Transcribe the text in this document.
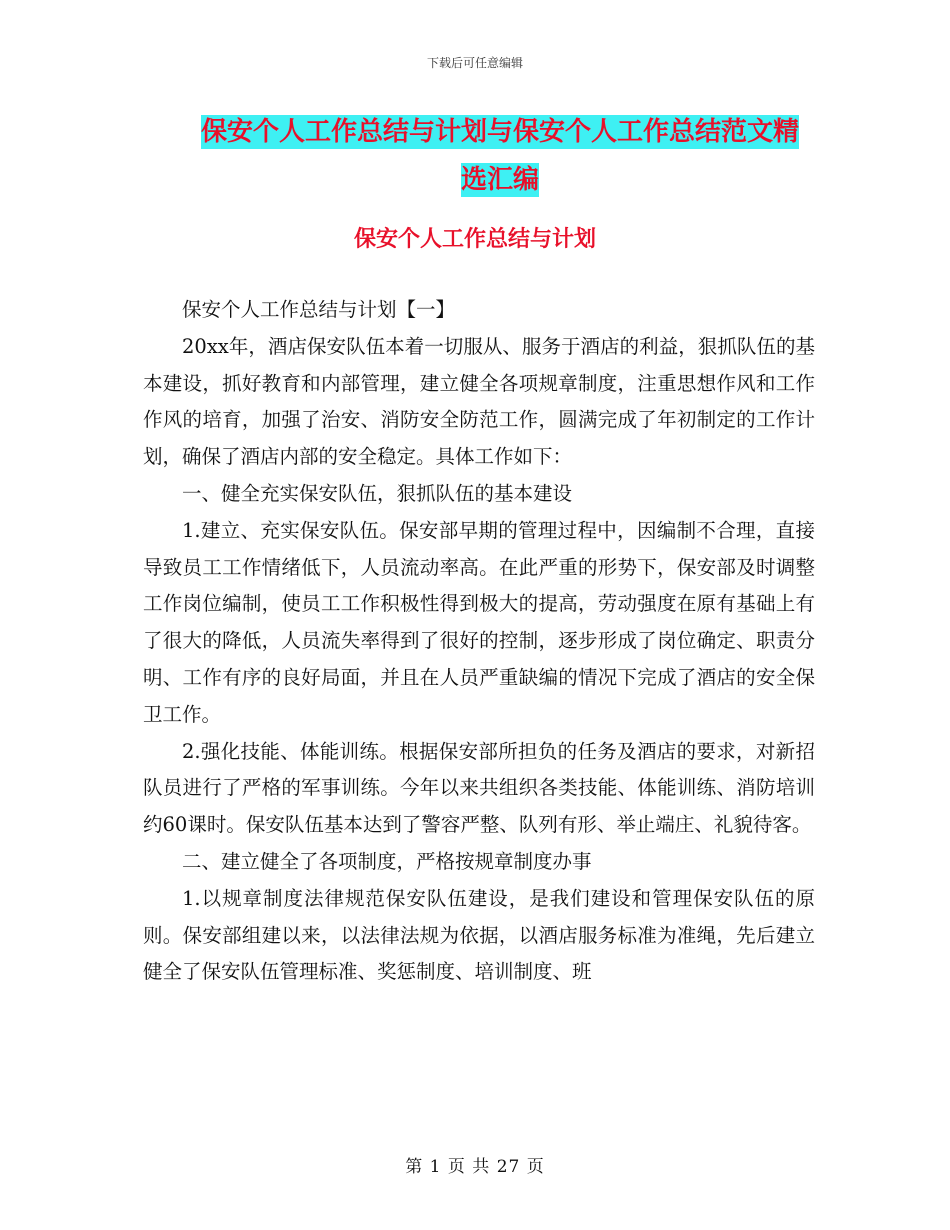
下载后可任意编辑
保安个人工作总结与计划与保安个人工作总结范文精
选汇编
保安个人工作总结与计划

保安个人工作总结与计划【一】

20xx年，酒店保安队伍本着一切服从、服务于酒店的利益，狠抓队伍的基本建设，抓好教育和内部管理，建立健全各项规章制度，注重思想作风和工作作风的培育，加强了治安、消防安全防范工作，圆满完成了年初制定的工作计划，确保了酒店内部的安全稳定。具体工作如下：

一、健全充实保安队伍，狠抓队伍的基本建设

1.建立、充实保安队伍。保安部早期的管理过程中，因编制不合理，直接导致员工工作情绪低下，人员流动率高。在此严重的形势下，保安部及时调整工作岗位编制，使员工工作积极性得到极大的提高，劳动强度在原有基础上有了很大的降低，人员流失率得到了很好的控制，逐步形成了岗位确定、职责分明、工作有序的良好局面，并且在人员严重缺编的情况下完成了酒店的安全保卫工作。

2.强化技能、体能训练。根据保安部所担负的任务及酒店的要求，对新招队员进行了严格的军事训练。今年以来共组织各类技能、体能训练、消防培训约60课时。保安队伍基本达到了警容严整、队列有形、举止端庄、礼貌待客。

二、建立健全了各项制度，严格按规章制度办事

1.以规章制度法律规范保安队伍建设，是我们建设和管理保安队伍的原则。保安部组建以来，以法律法规为依据，以酒店服务标准为准绳，先后建立健全了保安队伍管理标准、奖惩制度、培训制度、班

第 1 页 共 27 页
